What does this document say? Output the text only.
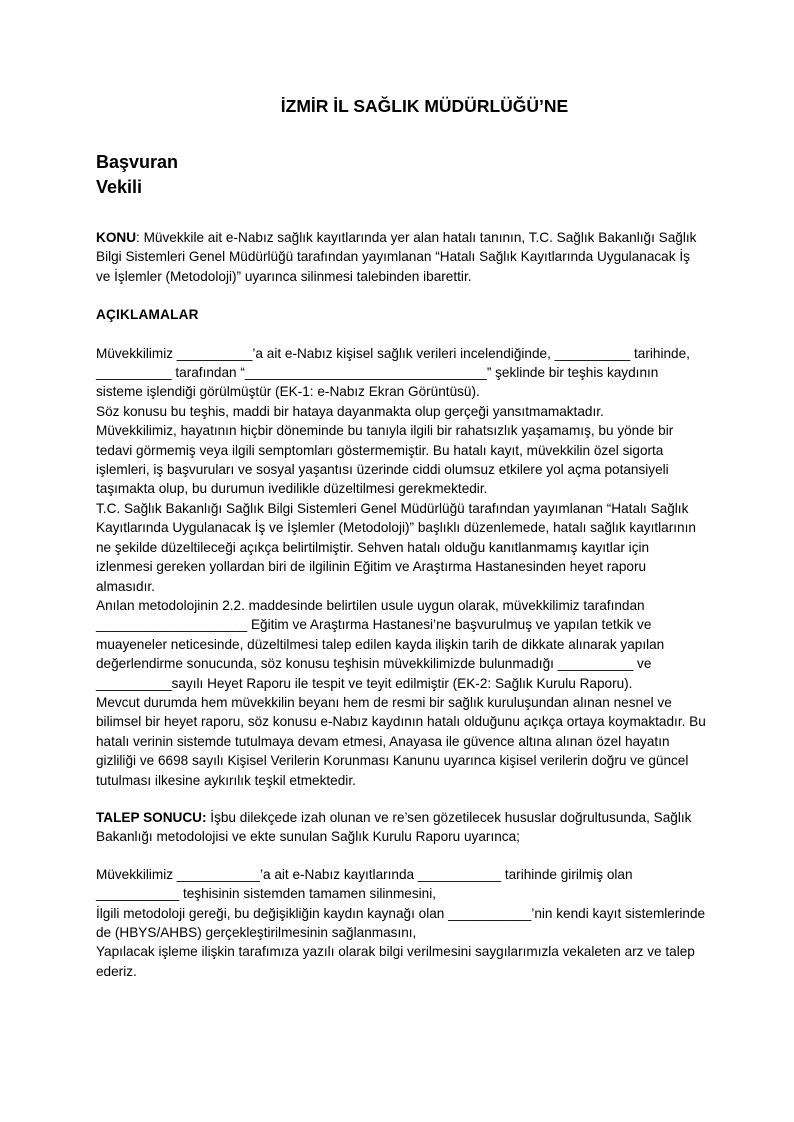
İZMİR İL SAĞLIK MÜDÜRLÜĞÜ’NE
Başvuran
Vekili

KONU: Müvekkile ait e-Nabız sağlık kayıtlarında yer alan hatalı tanının, T.C. Sağlık Bakanlığı Sağlık Bilgi Sistemleri Genel Müdürlüğü tarafından yayımlanan “Hatalı Sağlık Kayıtlarında Uygulanacak İş ve İşlemler (Metodoloji)” uyarınca silinmesi talebinden ibarettir.

AÇIKLAMALAR

Müvekkilimiz __________’a ait e-Nabız kişisel sağlık verileri incelendiğinde, __________ tarihinde, __________ tarafından “________________________________” şeklinde bir teşhis kaydının sisteme işlendiği görülmüştür (EK-1: e-Nabız Ekran Görüntüsü).

Söz konusu bu teşhis, maddi bir hataya dayanmakta olup gerçeği yansıtmamaktadır.

Müvekkilimiz, hayatının hiçbir döneminde bu tanıyla ilgili bir rahatsızlık yaşamamış, bu yönde bir tedavi görmemiş veya ilgili semptomları göstermemiştir. Bu hatalı kayıt, müvekkilin özel sigorta işlemleri, iş başvuruları ve sosyal yaşantısı üzerinde ciddi olumsuz etkilere yol açma potansiyeli taşımakta olup, bu durumun ivedilikle düzeltilmesi gerekmektedir.

T.C. Sağlık Bakanlığı Sağlık Bilgi Sistemleri Genel Müdürlüğü tarafından yayımlanan “Hatalı Sağlık Kayıtlarında Uygulanacak İş ve İşlemler (Metodoloji)” başlıklı düzenlemede, hatalı sağlık kayıtlarının ne şekilde düzeltileceği açıkça belirtilmiştir. Sehven hatalı olduğu kanıtlanmamış kayıtlar için izlenmesi gereken yollardan biri de ilgilinin Eğitim ve Araştırma Hastanesinden heyet raporu almasıdır.

Anılan metodolojinin 2.2. maddesinde belirtilen usule uygun olarak, müvekkilimiz tarafından ____________________ Eğitim ve Araştırma Hastanesi’ne başvurulmuş ve yapılan tetkik ve muayeneler neticesinde, düzeltilmesi talep edilen kayda ilişkin tarih de dikkate alınarak yapılan değerlendirme sonucunda, söz konusu teşhisin müvekkilimizde bulunmadığı __________ ve __________sayılı Heyet Raporu ile tespit ve teyit edilmiştir (EK-2: Sağlık Kurulu Raporu).

Mevcut durumda hem müvekkilin beyanı hem de resmi bir sağlık kuruluşundan alınan nesnel ve bilimsel bir heyet raporu, söz konusu e-Nabız kaydının hatalı olduğunu açıkça ortaya koymaktadır. Bu hatalı verinin sistemde tutulmaya devam etmesi, Anayasa ile güvence altına alınan özel hayatın gizliliği ve 6698 sayılı Kişisel Verilerin Korunması Kanunu uyarınca kişisel verilerin doğru ve güncel tutulması ilkesine aykırılık teşkil etmektedir.

TALEP SONUCU: İşbu dilekçede izah olunan ve re’sen gözetilecek hususlar doğrultusunda, Sağlık Bakanlığı metodolojisi ve ekte sunulan Sağlık Kurulu Raporu uyarınca;

Müvekkilimiz ___________’a ait e-Nabız kayıtlarında ___________ tarihinde girilmiş olan ___________ teşhisinin sistemden tamamen silinmesini,

İlgili metodoloji gereği, bu değişikliğin kaydın kaynağı olan ___________’nin kendi kayıt sistemlerinde de (HBYS/AHBS) gerçekleştirilmesinin sağlanmasını,

Yapılacak işleme ilişkin tarafımıza yazılı olarak bilgi verilmesini saygılarımızla vekaleten arz ve talep ederiz.
